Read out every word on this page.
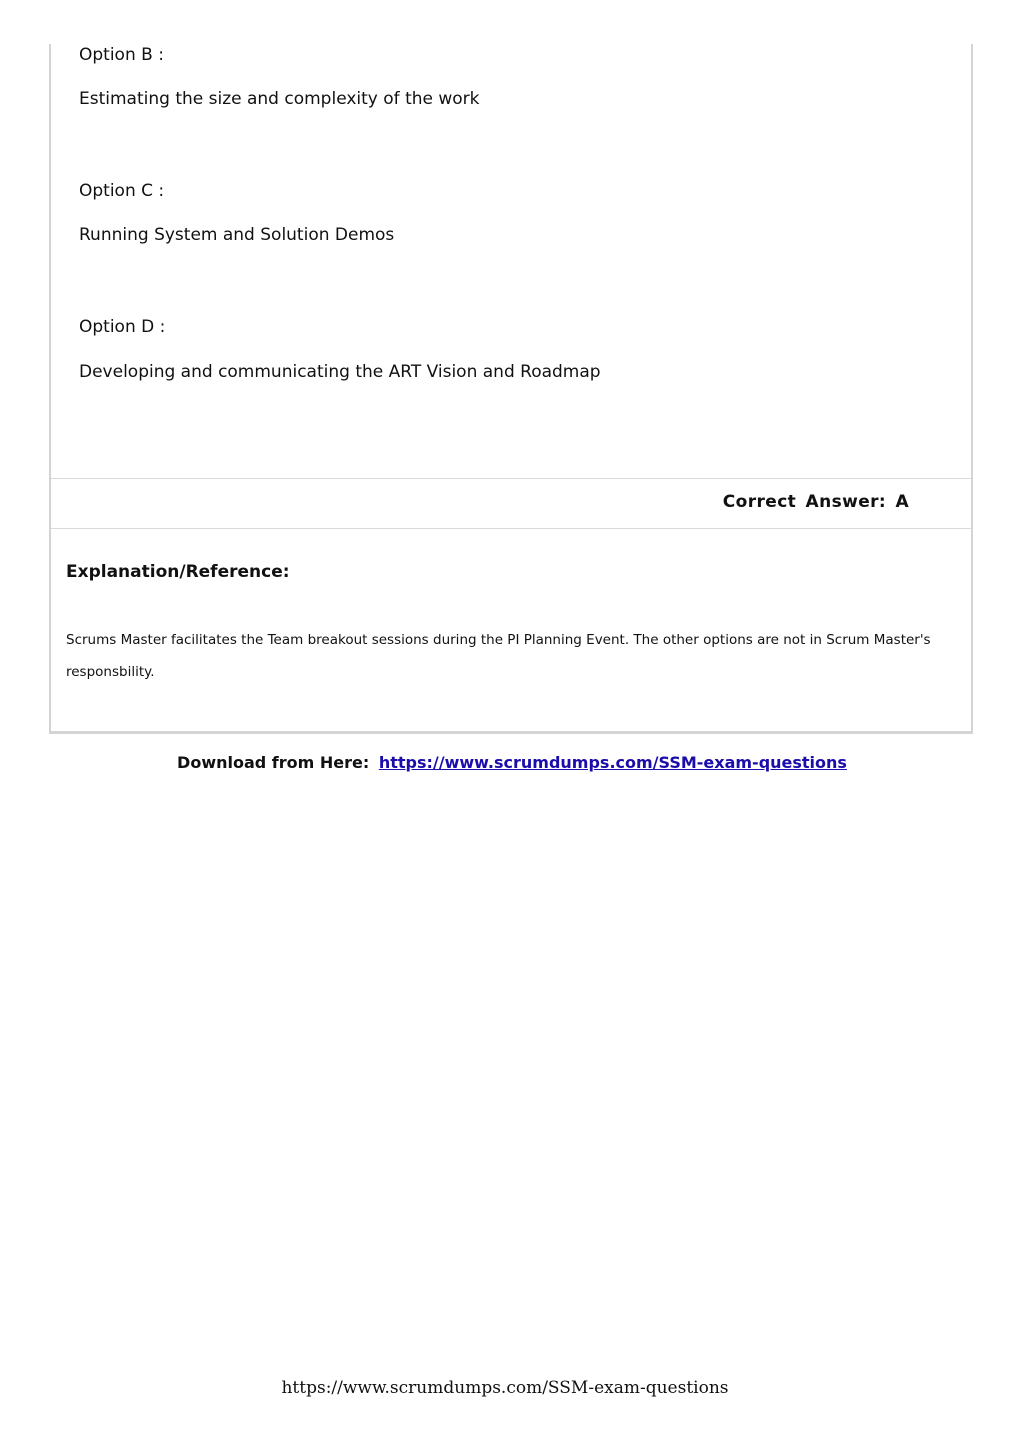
Option B :

Estimating the size and complexity of the work

Option C :

Running System and Solution Demos

Option D :

Developing and communicating the ART Vision and Roadmap

Correct Answer: A

Explanation/Reference:

Scrums Master facilitates the Team breakout sessions during the PI Planning Event. The other options are not in Scrum Master's responsbility.

Download from Here: https://www.scrumdumps.com/SSM-exam-questions
https://www.scrumdumps.com/SSM-exam-questions
